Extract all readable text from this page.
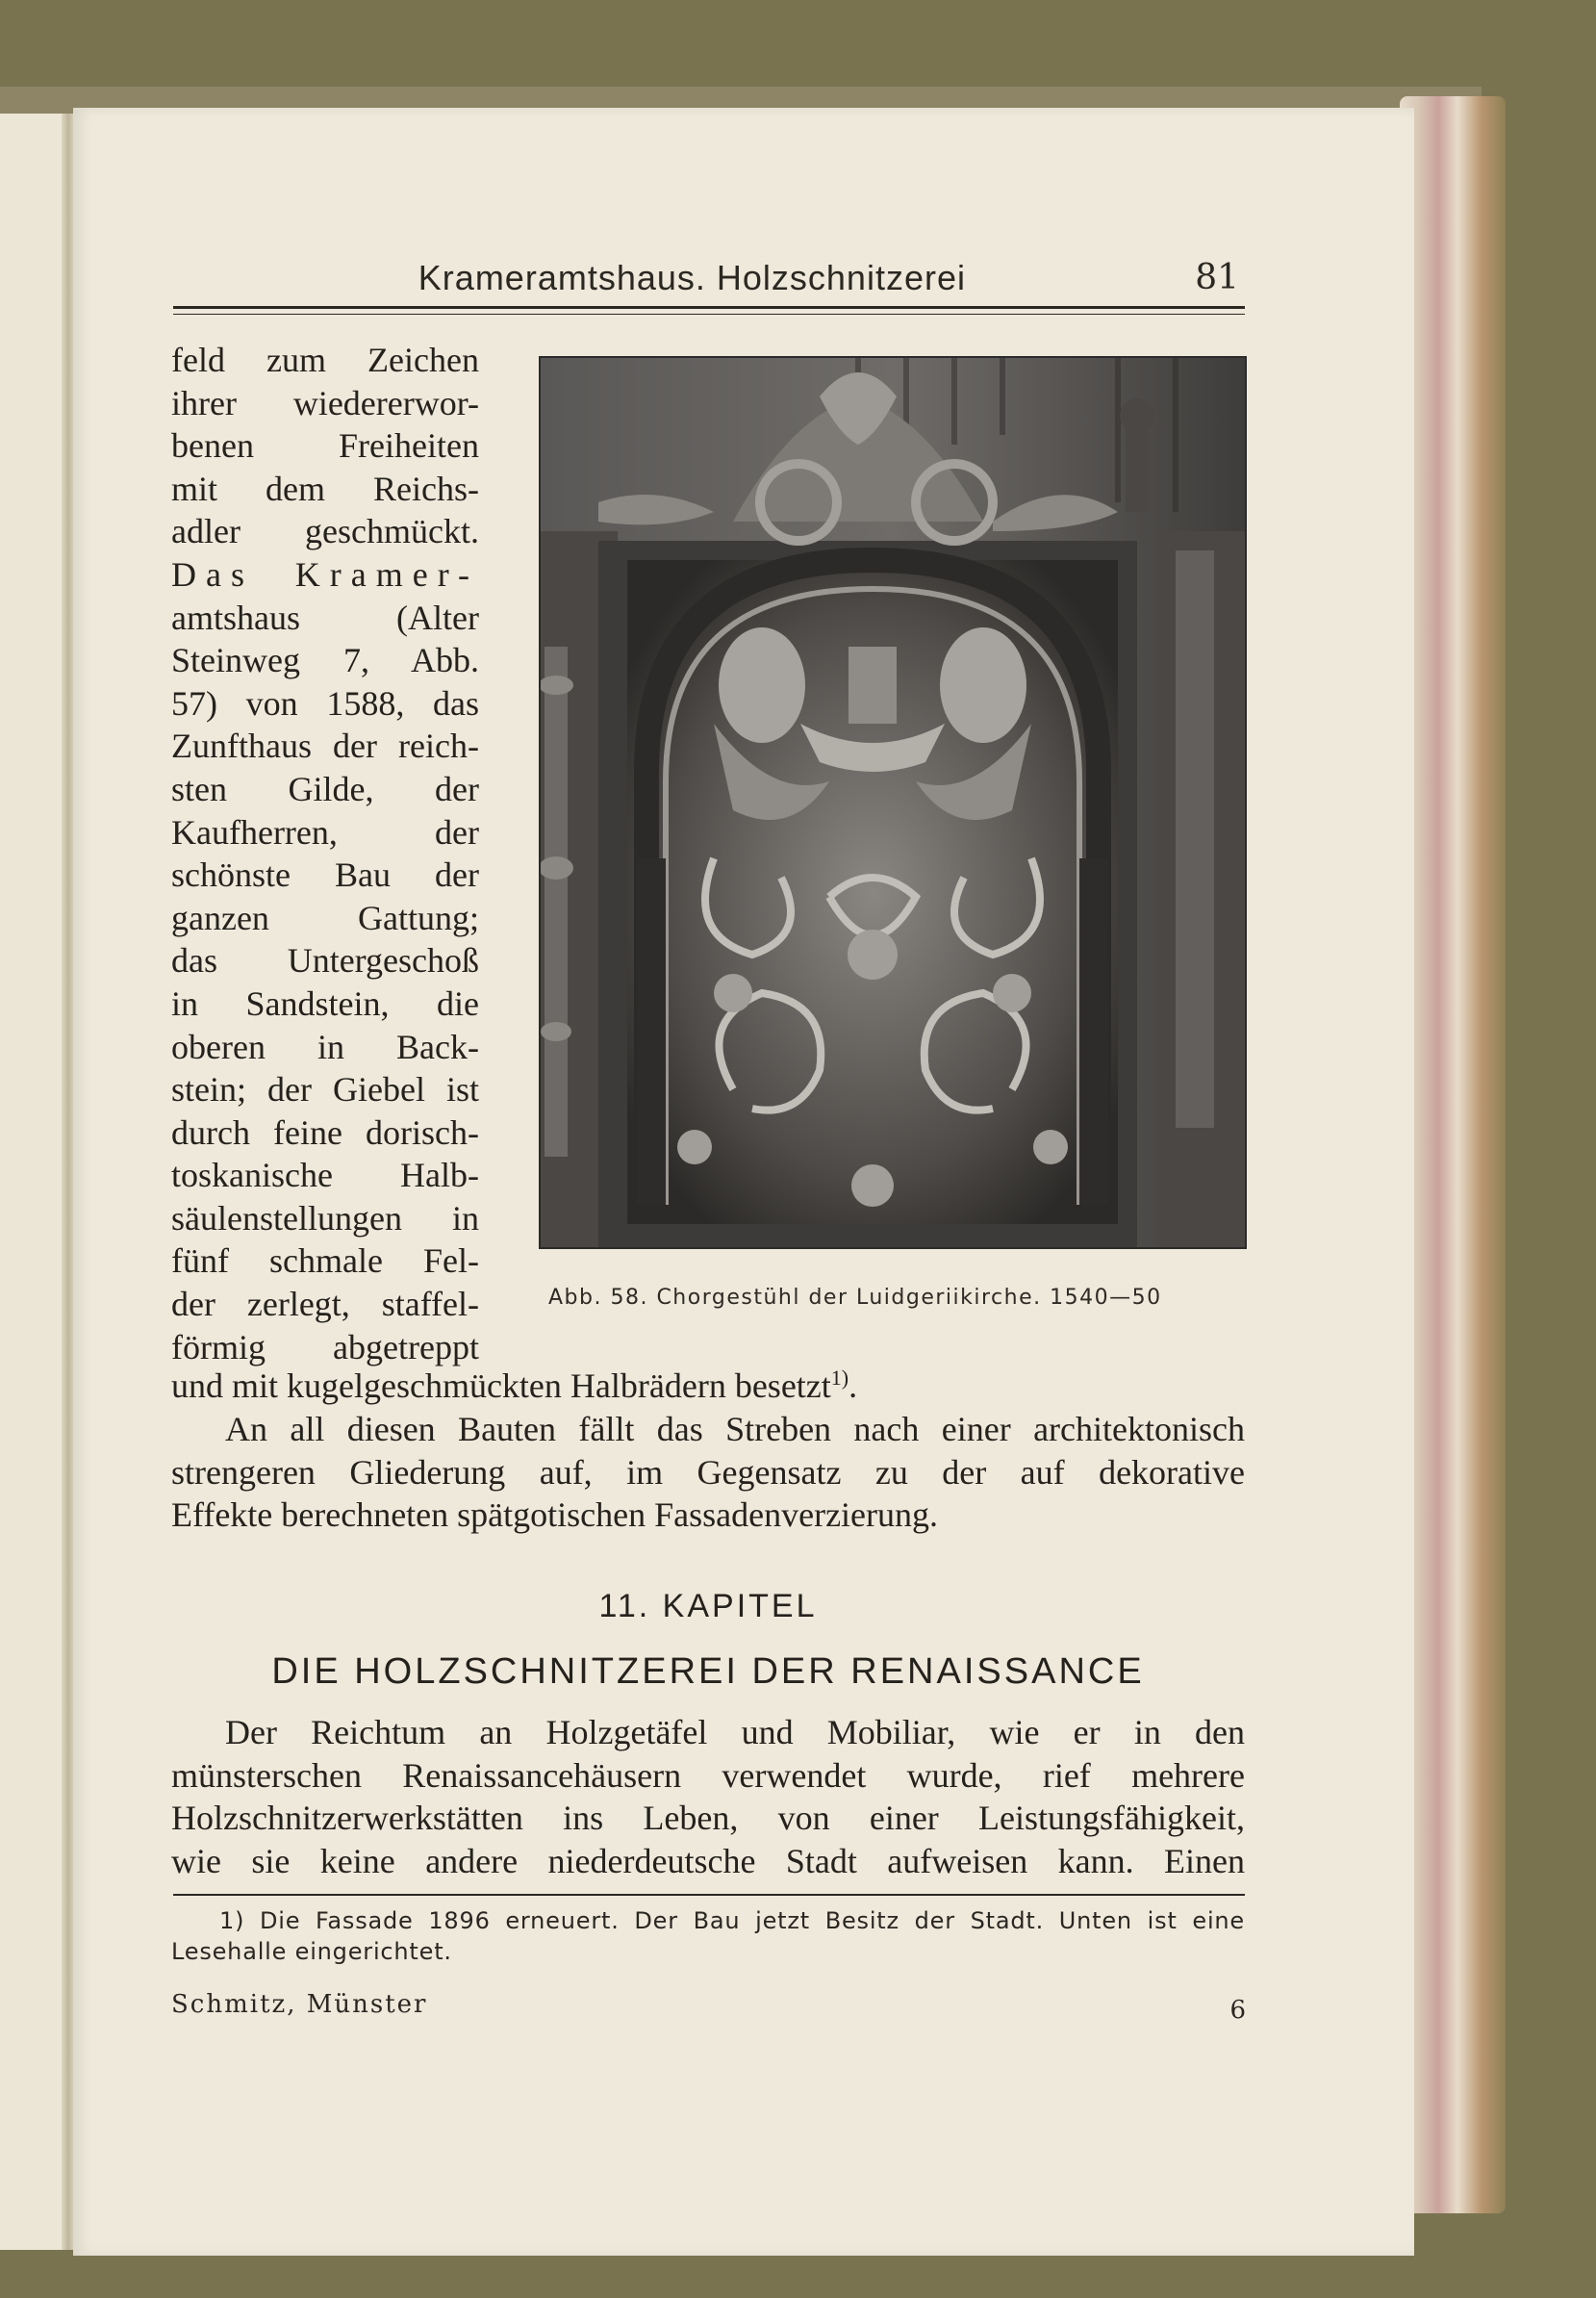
Krameramtshaus. Holzschnitzerei	81
feld zum Zeichen
ihrer wiedererwor-
benen Freiheiten
mit dem Reichs-
adler geschmückt.
Das Kramer-
amtshaus (Alter
Steinweg 7, Abb.
57) von 1588, das
Zunfthaus der reich-
sten Gilde, der
Kaufherren, der
schönste Bau der
ganzen Gattung;
das Untergeschoß
in Sandstein, die
oberen in Back-
stein; der Giebel ist
durch feine dorisch-
toskanische Halb-
säulenstellungen in
fünf schmale Fel-
der zerlegt, staffel-
förmig abgetreppt
Abb. 58. Chorgestühl der Luidgeriikirche. 1540—50
und mit kugelgeschmückten Halbrädern besetzt$^{1)}$.
An all diesen Bauten fällt das Streben nach einer architektonisch
strengeren Gliederung auf, im Gegensatz zu der auf dekorative
Effekte berechneten spätgotischen Fassadenverzierung.
11. KAPITEL
DIE HOLZSCHNITZEREI DER RENAISSANCE
Der Reichtum an Holzgetäfel und Mobiliar, wie er in den
münsterschen Renaissancehäusern verwendet wurde, rief mehrere
Holzschnitzerwerkstätten ins Leben, von einer Leistungsfähigkeit,
wie sie keine andere niederdeutsche Stadt aufweisen kann. Einen
1) Die Fassade 1896 erneuert. Der Bau jetzt Besitz der Stadt. Unten ist eine
Lesehalle eingerichtet.
Schmitz, Münster	6
